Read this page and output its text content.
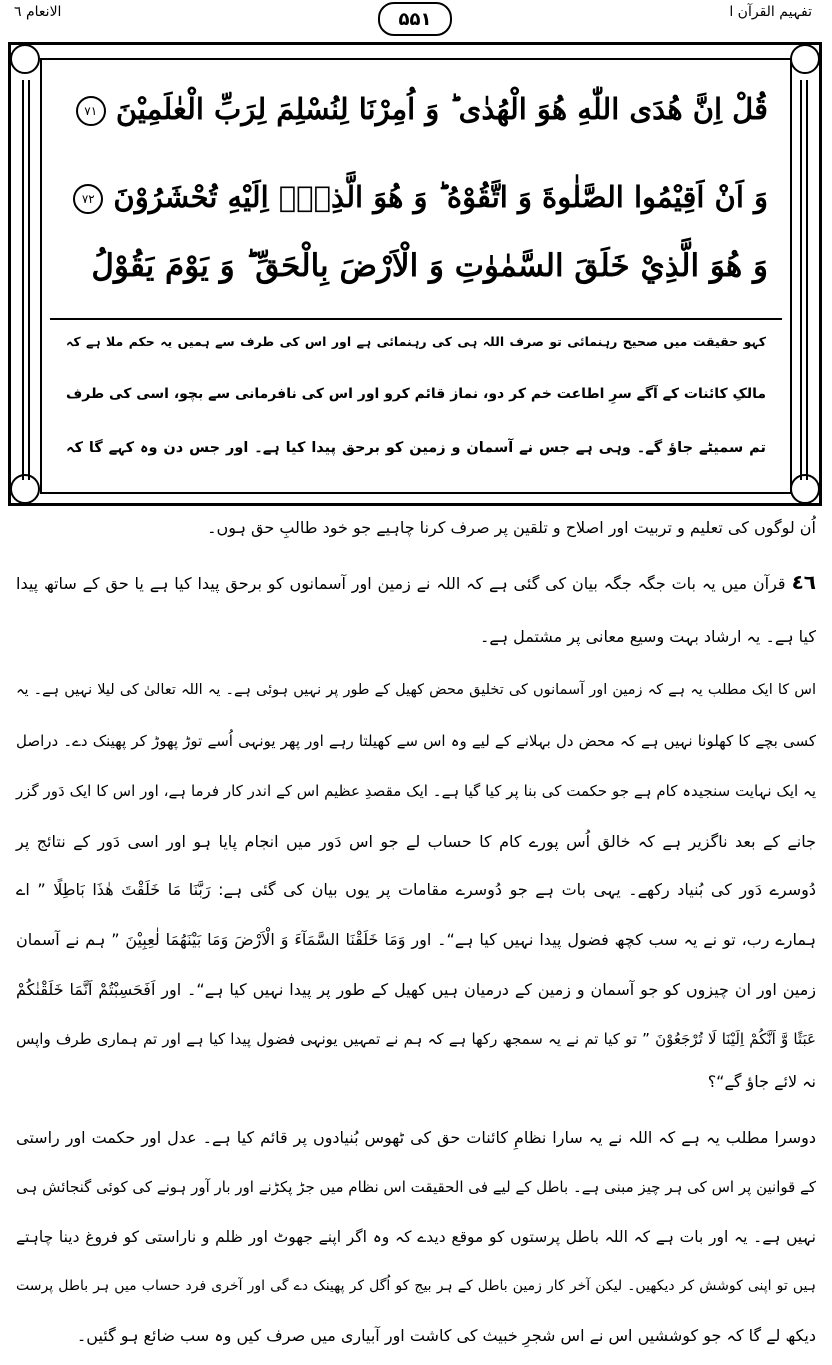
تفہیم القرآن ا
الانعام ٦	۵۵۱
قُلْ اِنَّ هُدَى اللّٰهِ هُوَ الْهُدٰى ؕ وَ اُمِرْنَا لِنُسْلِمَ لِرَبِّ الْعٰلَمِيْنَ ٧١
وَ اَنْ اَقِيْمُوا الصَّلٰوةَ وَ اتَّقُوْهُ ؕ وَ هُوَ الَّذِيْۤ اِلَيْهِ تُحْشَرُوْنَ ٧٢
وَ هُوَ الَّذِيْ خَلَقَ السَّمٰوٰتِ وَ الْاَرْضَ بِالْحَقِّ ؕ وَ يَوْمَ يَقُوْلُ
کہو حقیقت میں صحیح رہنمائی تو صرف اللہ ہی کی رہنمائی ہے اور اس کی طرف سے ہمیں یہ حکم ملا ہے کہ
مالکِ کائنات کے آگے سرِ اطاعت خم کر دو، نماز قائم کرو اور اس کی نافرمانی سے بچو، اسی کی طرف
تم سمیٹے جاؤ گے۔ وہی ہے جس نے آسمان و زمین کو برحق پیدا کیا ہے۔ اور جس دن وہ کہے گا کہ
اُن لوگوں کی تعلیم و تربیت اور اصلاح و تلقین پر صرف کرنا چاہیے جو خود طالبِ حق ہوں۔
٤٦قرآن میں یہ بات جگہ جگہ بیان کی گئی ہے کہ اللہ نے زمین اور آسمانوں کو برحق پیدا کیا ہے یا حق کے ساتھ پیدا
کیا ہے۔ یہ ارشاد بہت وسیع معانی پر مشتمل ہے۔
اس کا ایک مطلب یہ ہے کہ زمین اور آسمانوں کی تخلیق محض کھیل کے طور پر نہیں ہوئی ہے۔ یہ اللہ تعالیٰ کی لیلا نہیں ہے۔ یہ
کسی بچے کا کھلونا نہیں ہے کہ محض دل بہلانے کے لیے وہ اس سے کھیلتا رہے اور پھر یونہی اُسے توڑ پھوڑ کر پھینک دے۔ دراصل
یہ ایک نہایت سنجیدہ کام ہے جو حکمت کی بنا پر کیا گیا ہے۔ ایک مقصدِ عظیم اس کے اندر کار فرما ہے، اور اس کا ایک دَور گزر
جانے کے بعد ناگزیر ہے کہ خالق اُس پورے کام کا حساب لے جو اس دَور میں انجام پایا ہو اور اسی دَور کے نتائج پر
دُوسرے دَور کی بُنیاد رکھے۔ یہی بات ہے جو دُوسرے مقامات پر یوں بیان کی گئی ہے: رَبَّنَا مَا خَلَقْتَ هٰذَا بَاطِلًا ” اے
ہمارے رب، تو نے یہ سب کچھ فضول پیدا نہیں کیا ہے“۔ اور وَمَا خَلَقْنَا السَّمَآءَ وَ الْاَرْضَ وَمَا بَيْنَهُمَا لٰعِبِيْنَ ” ہم نے آسمان
زمین اور ان چیزوں کو جو آسمان و زمین کے درمیان ہیں کھیل کے طور پر پیدا نہیں کیا ہے“۔ اور اَفَحَسِبْتُمْ اَنَّمَا خَلَقْنٰكُمْ
عَبَثًا وَّ اَنَّكُمْ اِلَيْنَا لَا تُرْجَعُوْنَ ” تو کیا تم نے یہ سمجھ رکھا ہے کہ ہم نے تمہیں یونہی فضول پیدا کیا ہے اور تم ہماری طرف واپس
نہ لائے جاؤ گے“؟
دوسرا مطلب یہ ہے کہ اللہ نے یہ سارا نظامِ کائنات حق کی ٹھوس بُنیادوں پر قائم کیا ہے۔ عدل اور حکمت اور راستی
کے قوانین پر اس کی ہر چیز مبنی ہے۔ باطل کے لیے فی الحقیقت اس نظام میں جڑ پکڑنے اور بار آور ہونے کی کوئی گنجائش ہی
نہیں ہے۔ یہ اور بات ہے کہ اللہ باطل پرستوں کو موقع دیدے کہ وہ اگر اپنے جھوٹ اور ظلم و ناراستی کو فروغ دینا چاہتے
ہیں تو اپنی کوشش کر دیکھیں۔ لیکن آخر کار زمین باطل کے ہر بیج کو اُگل کر پھینک دے گی اور آخری فرد حساب میں ہر باطل پرست
دیکھ لے گا کہ جو کوششیں اس نے اس شجرِ خبیث کی کاشت اور آبیاری میں صرف کیں وہ سب ضائع ہو گئیں۔
